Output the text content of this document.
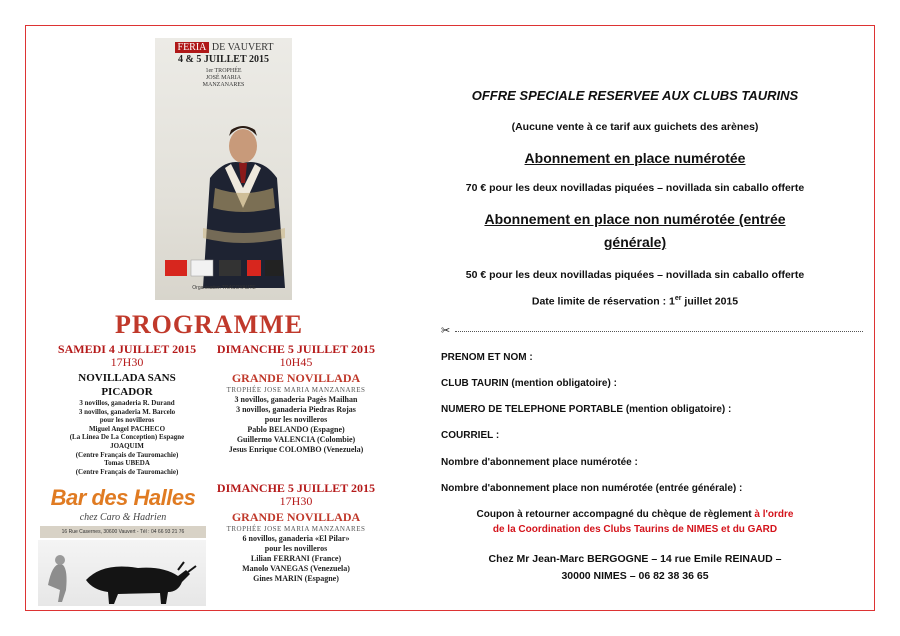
FERIA DE VAUVERT
4 & 5 JUILLET 2015
1er TROPHÉE
JOSÉ MARIA
MANZANARES
Organisation TRACOYAUTE
PROGRAMME
SAMEDI 4 JUILLET 2015
17H30
NOVILLADA SANS PICADOR
3 novillos, ganaderia R. Durand
3 novillos, ganaderia M. Barcelo
pour les novilleros
Miguel Angel PACHECO
(La Linea De La Conception) Espagne
JOAQUIM
(Centre Français de Tauromachie)
Tomas UBEDA
(Centre Français de Tauromachie)
DIMANCHE 5 JUILLET 2015
10H45
GRANDE NOVILLADA
TROPHÉE JOSE MARIA MANZANARES
3 novillos, ganaderia Pagès Mailhan
3 novillos, ganaderia Piedras Rojas
pour les novilleros
Pablo BELANDO (Espagne)
Guillermo VALENCIA (Colombie)
Jesus Enrique COLOMBO (Venezuela)
DIMANCHE 5 JUILLET 2015
17H30
GRANDE NOVILLADA
TROPHÉE JOSE MARIA MANZANARES
6 novillos, ganaderia «El Pilar»
pour les novilleros
Lilian FERRANI (France)
Manolo VANEGAS (Venezuela)
Gines MARIN (Espagne)
Bar des Halles
chez Caro & Hadrien
16 Rue Casernes, 30600 Vauvert - Tél : 04 66 93 21 76
OFFRE SPECIALE RESERVEE AUX CLUBS TAURINS
(Aucune vente à ce tarif aux guichets des arènes)
Abonnement en place numérotée
70 € pour les deux novilladas piquées – novillada sin caballo offerte
Abonnement en place non numérotée (entrée
générale)
50 € pour les deux novilladas piquées – novillada sin caballo offerte
Date limite de réservation : 1er juillet 2015
✂
PRENOM ET NOM :
CLUB TAURIN (mention obligatoire) :
NUMERO DE TELEPHONE PORTABLE (mention obligatoire) :
COURRIEL :
Nombre d'abonnement place numérotée :
Nombre d'abonnement place non numérotée (entrée générale) :
Coupon à retourner accompagné du chèque de règlement à l'ordre
de la Coordination des Clubs Taurins de NIMES et du GARD
Chez Mr Jean-Marc BERGOGNE – 14 rue Emile REINAUD –
30000 NIMES – 06 82 38 36 65
